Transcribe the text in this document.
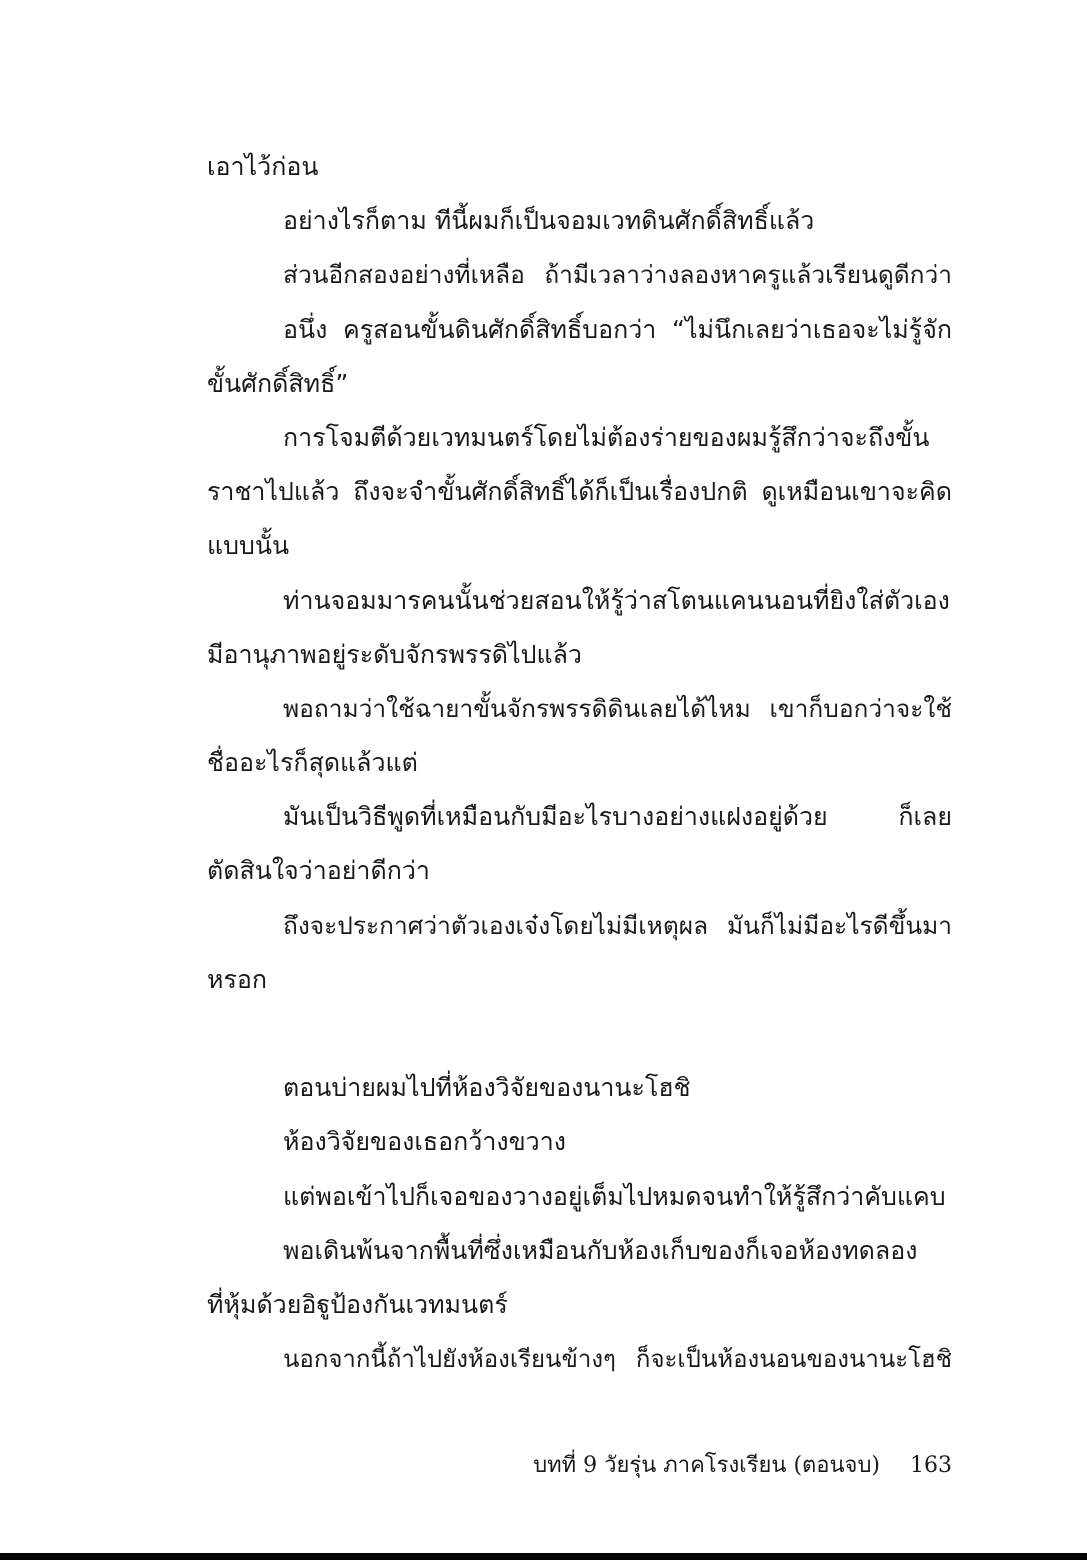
เอาไว้ก่อน
อย่างไรก็ตาม ทีนี้ผมก็เป็นจอมเวทดินศักดิ์สิทธิ์แล้ว
ส่วนอีกสองอย่างที่เหลือ ถ้ามีเวลาว่างลองหาครูแล้วเรียนดูดีกว่า
อนึ่ง ครูสอนขั้นดินศักดิ์สิทธิ์บอกว่า “ไม่นึกเลยว่าเธอจะไม่รู้จัก
ขั้นศักดิ์สิทธิ์”
การโจมตีด้วยเวทมนตร์โดยไม่ต้องร่ายของผมรู้สึกว่าจะถึงขั้น
ราชาไปแล้ว ถึงจะจำขั้นศักดิ์สิทธิ์ได้ก็เป็นเรื่องปกติ ดูเหมือนเขาจะคิด
แบบนั้น
ท่านจอมมารคนนั้นช่วยสอนให้รู้ว่าสโตนแคนนอนที่ยิงใส่ตัวเอง
มีอานุภาพอยู่ระดับจักรพรรดิไปแล้ว
พอถามว่าใช้ฉายาขั้นจักรพรรดิดินเลยได้ไหม เขาก็บอกว่าจะใช้
ชื่ออะไรก็สุดแล้วแต่
มันเป็นวิธีพูดที่เหมือนกับมีอะไรบางอย่างแฝงอยู่ด้วย ก็เลย
ตัดสินใจว่าอย่าดีกว่า
ถึงจะประกาศว่าตัวเองเจ๋งโดยไม่มีเหตุผล มันก็ไม่มีอะไรดีขึ้นมา
หรอก
ตอนบ่ายผมไปที่ห้องวิจัยของนานะโฮชิ
ห้องวิจัยของเธอกว้างขวาง
แต่พอเข้าไปก็เจอของวางอยู่เต็มไปหมดจนทำให้รู้สึกว่าคับแคบ
พอเดินพ้นจากพื้นที่ซึ่งเหมือนกับห้องเก็บของก็เจอห้องทดลอง
ที่หุ้มด้วยอิฐูป้องกันเวทมนตร์
นอกจากนี้ถ้าไปยังห้องเรียนข้างๆ ก็จะเป็นห้องนอนของนานะโฮชิ
บทที่ 9 วัยรุ่น ภาคโรงเรียน (ตอนจบ) 163
